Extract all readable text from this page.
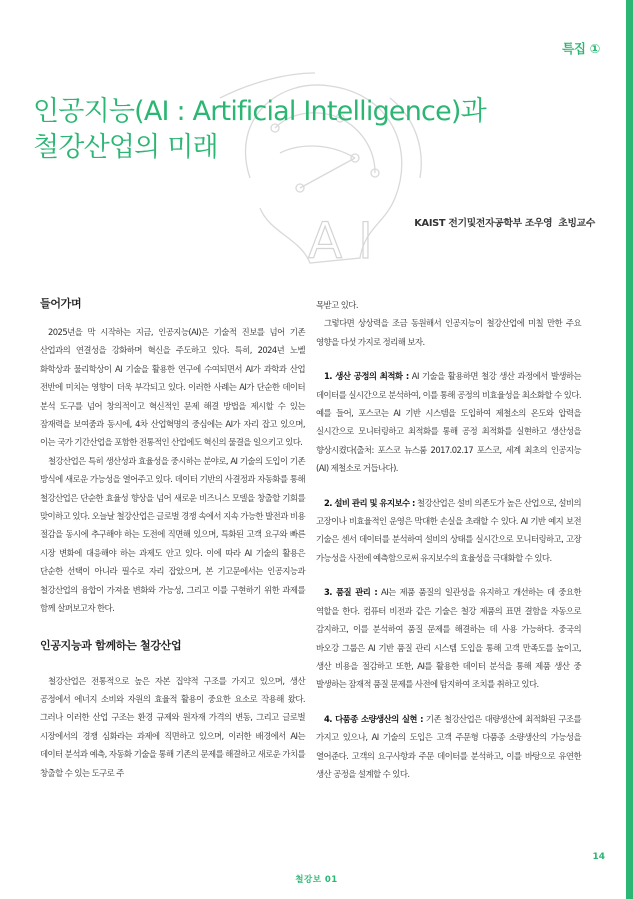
특집 ①
A I
인공지능(AI : Artificial Intelligence)과
철강산업의 미래
KAIST 전기및전자공학부 조우영 초빙교수
들어가며

2025년을 막 시작하는 지금, 인공지능(AI)은 기술적 진보를 넘어 기존 산업과의 연결성을 강화하며 혁신을 주도하고 있다. 특히, 2024년 노벨 화학상과 물리학상이 AI 기술을 활용한 연구에 수여되면서 AI가 과학과 산업 전반에 미치는 영향이 더욱 부각되고 있다. 이러한 사례는 AI가 단순한 데이터 분석 도구를 넘어 창의적이고 혁신적인 문제 해결 방법을 제시할 수 있는 잠재력을 보여줌과 동시에, 4차 산업혁명의 중심에는 AI가 자리 잡고 있으며, 이는 국가 기간산업을 포함한 전통적인 산업에도 혁신의 물결을 일으키고 있다.

철강산업은 특히 생산성과 효율성을 중시하는 분야로, AI 기술의 도입이 기존 방식에 새로운 가능성을 열어주고 있다. 데이터 기반의 사결정과 자동화를 통해 철강산업은 단순한 효율성 향상을 넘어 새로운 비즈니스 모델을 창출할 기회를 맞이하고 있다. 오늘날 철강산업은 글로벌 경쟁 속에서 지속 가능한 발전과 비용 절감을 동시에 추구해야 하는 도전에 직면해 있으며, 특화된 고객 요구와 빠른 시장 변화에 대응해야 하는 과제도 안고 있다. 이에 따라 AI 기술의 활용은 단순한 선택이 아니라 필수로 자리 잡았으며, 본 기고문에서는 인공지능과 철강산업의 융합이 가져올 변화와 가능성, 그리고 이를 구현하기 위한 과제를 함께 살펴보고자 한다.

인공지능과 함께하는 철강산업

철강산업은 전통적으로 높은 자본 집약적 구조를 가지고 있으며, 생산 공정에서 에너지 소비와 자원의 효율적 활용이 중요한 요소로 작용해 왔다. 그러나 이러한 산업 구조는 환경 규제와 원자재 가격의 변동, 그리고 글로벌 시장에서의 경쟁 심화라는 과제에 직면하고 있으며, 이러한 배경에서 AI는 데이터 분석과 예측, 자동화 기술을 통해 기존의 문제를 해결하고 새로운 가치를 창출할 수 있는 도구로 주

목받고 있다.

그렇다면 상상력을 조금 동원해서 인공지능이 철강산업에 미칠 만한 주요 영향을 다섯 가지로 정리해 보자.

1. 생산 공정의 최적화 : AI 기술을 활용하면 철강 생산 과정에서 발생하는 데이터를 실시간으로 분석하여, 이를 통해 공정의 비효율성을 최소화할 수 있다. 예를 들어, 포스코는 AI 기반 시스템을 도입하여 제철소의 온도와 압력을 실시간으로 모니터링하고 최적화를 통해 공정 최적화를 실현하고 생산성을 향상시켰다(출처: 포스코 뉴스룸 2017.02.17 포스코, 세계 최초의 인공지능(AI) 제철소로 거듭나다).

2. 설비 관리 및 유지보수 : 철강산업은 설비 의존도가 높은 산업으로, 설비의 고장이나 비효율적인 운영은 막대한 손실을 초래할 수 있다. AI 기반 예지 보전 기술은 센서 데이터를 분석하여 설비의 상태를 실시간으로 모니터링하고, 고장 가능성을 사전에 예측함으로써 유지보수의 효율성을 극대화할 수 있다.

3. 품질 관리 : AI는 제품 품질의 일관성을 유지하고 개선하는 데 중요한 역할을 한다. 컴퓨터 비전과 같은 기술은 철강 제품의 표면 결함을 자동으로 감지하고, 이를 분석하여 품질 문제를 해결하는 데 사용 가능하다. 중국의 바오강 그룹은 AI 기반 품질 관리 시스템 도입을 통해 고객 만족도를 높이고, 생산 비용을 절감하고 또한, AI를 활용한 데이터 분석을 통해 제품 생산 중 발생하는 잠재적 품질 문제를 사전에 탐지하여 조치를 취하고 있다.

4. 다품종 소량생산의 실현 : 기존 철강산업은 대량생산에 최적화된 구조를 가지고 있으나, AI 기술의 도입은 고객 주문형 다품종 소량생산의 가능성을 열어준다. 고객의 요구사항과 주문 데이터를 분석하고, 이를 바탕으로 유연한 생산 공정을 설계할 수 있다.

14
철강보 01
